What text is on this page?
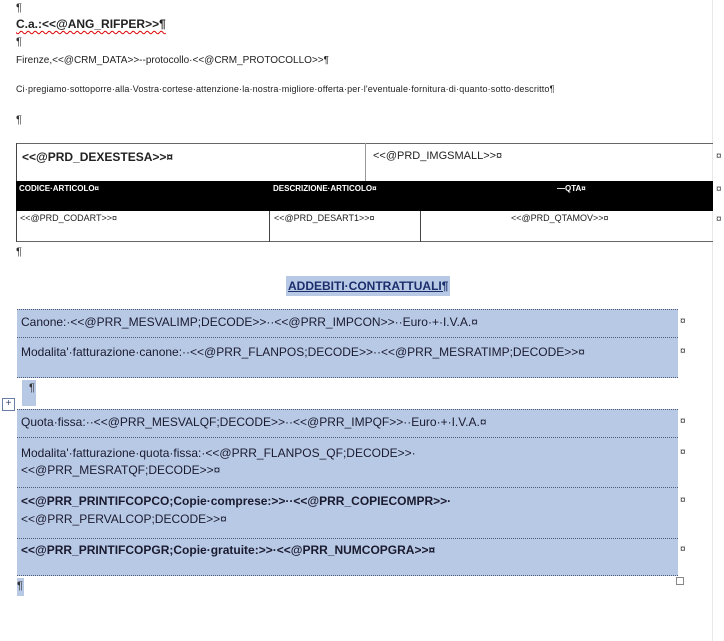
¶
C.a.:<<@ANG_RIFPER>>¶
¶
Firenze,<<@CRM_DATA>>--protocollo·<<@CRM_PROTOCOLLO>>¶
Ci·pregiamo·sottoporre·alla·Vostra·cortese·attenzione·la·nostra·migliore·offerta·per·l'eventuale·fornitura·di·quanto·sotto·descritto¶
¶
<<@PRD_DEXESTESA>>¤	<<@PRD_IMGSMALL>>¤
CODICE·ARTICOLO¤	DESCRIZIONE·ARTICOLO¤	—QTA¤
<<@PRD_CODART>>¤	<<@PRD_DESART1>>¤	<<@PRD_QTAMOV>>¤
¤
¤
¤
¶
ADDEBITI·CONTRATTUALI¶
Canone:·<<@PRR_MESVALIMP;DECODE>>··<<@PRR_IMPCON>>··Euro·+·I.V.A.¤
Modalita'·fatturazione·canone:··<<@PRR_FLANPOS;DECODE>>··<<@PRR_MESRATIMP;DECODE>>¤
¤
¤
¶
+
Quota·fissa:··<<@PRR_MESVALQF;DECODE>>··<<@PRR_IMPQF>>··Euro·+·I.V.A.¤
Modalita'·fatturazione·quota·fissa:·<<@PRR_FLANPOS_QF;DECODE>>·
<<@PRR_MESRATQF;DECODE>>¤
<<@PRR_PRINTIFCOPCO;Copie·comprese:>>··<<@PRR_COPIECOMPR>>·
<<@PRR_PERVALCOP;DECODE>>¤
<<@PRR_PRINTIFCOPGR;Copie·gratuite:>>·<<@PRR_NUMCOPGRA>>¤
¤
¤
¤
¤
¶
